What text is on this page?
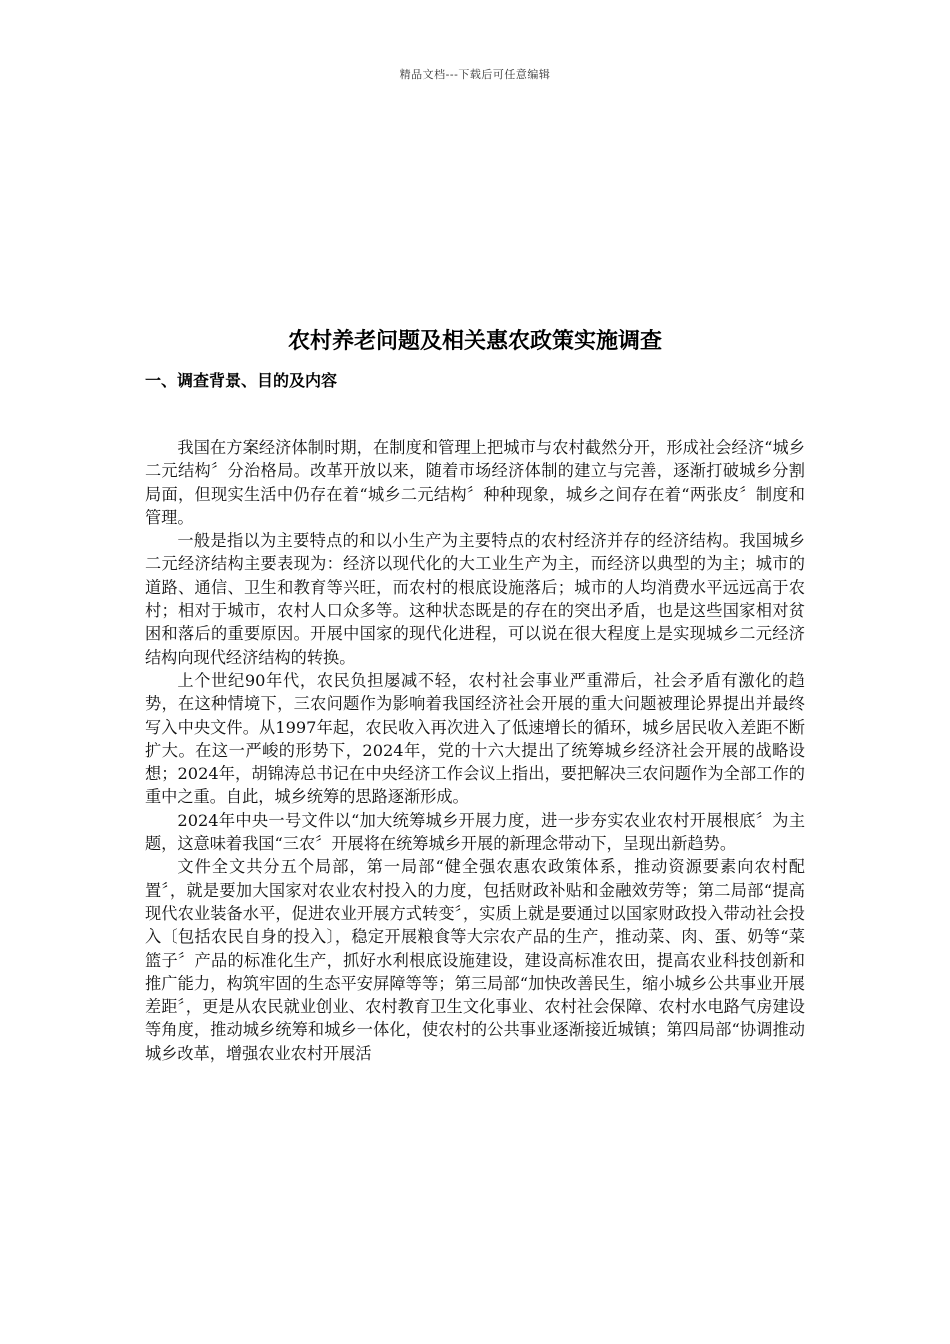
精品文档---下载后可任意编辑
农村养老问题及相关惠农政策实施调查
一、调查背景、目的及内容

我国在方案经济体制时期，在制度和管理上把城市与农村截然分开，形成社会经济“城乡二元结构〞分治格局。改革开放以来，随着市场经济体制的建立与完善，逐渐打破城乡分割局面，但现实生活中仍存在着“城乡二元结构〞种种现象，城乡之间存在着“两张皮〞制度和管理。

一般是指以为主要特点的和以小生产为主要特点的农村经济并存的经济结构。我国城乡二元经济结构主要表现为：经济以现代化的大工业生产为主，而经济以典型的为主；城市的道路、通信、卫生和教育等兴旺，而农村的根底设施落后；城市的人均消费水平远远高于农村；相对于城市，农村人口众多等。这种状态既是的存在的突出矛盾，也是这些国家相对贫困和落后的重要原因。开展中国家的现代化进程，可以说在很大程度上是实现城乡二元经济结构向现代经济结构的转换。

上个世纪90年代，农民负担屡减不轻，农村社会事业严重滞后，社会矛盾有激化的趋势，在这种情境下，三农问题作为影响着我国经济社会开展的重大问题被理论界提出并最终写入中央文件。从1997年起，农民收入再次进入了低速增长的循环，城乡居民收入差距不断扩大。在这一严峻的形势下，2024年，党的十六大提出了统筹城乡经济社会开展的战略设想；2024年，胡锦涛总书记在中央经济工作会议上指出，要把解决三农问题作为全部工作的重中之重。自此，城乡统筹的思路逐渐形成。

2024年中央一号文件以“加大统筹城乡开展力度，进一步夯实农业农村开展根底〞为主题，这意味着我国“三农〞开展将在统筹城乡开展的新理念带动下，呈现出新趋势。

文件全文共分五个局部，第一局部“健全强农惠农政策体系，推动资源要素向农村配置〞，就是要加大国家对农业农村投入的力度，包括财政补贴和金融效劳等；第二局部“提高现代农业装备水平，促进农业开展方式转变〞，实质上就是要通过以国家财政投入带动社会投入〔包括农民自身的投入〕，稳定开展粮食等大宗农产品的生产，推动菜、肉、蛋、奶等“菜篮子〞产品的标准化生产，抓好水利根底设施建设，建设高标准农田，提高农业科技创新和推广能力，构筑牢固的生态平安屏障等等；第三局部“加快改善民生，缩小城乡公共事业开展差距〞，更是从农民就业创业、农村教育卫生文化事业、农村社会保障、农村水电路气房建设等角度，推动城乡统筹和城乡一体化，使农村的公共事业逐渐接近城镇；第四局部“协调推动城乡改革，增强农业农村开展活
